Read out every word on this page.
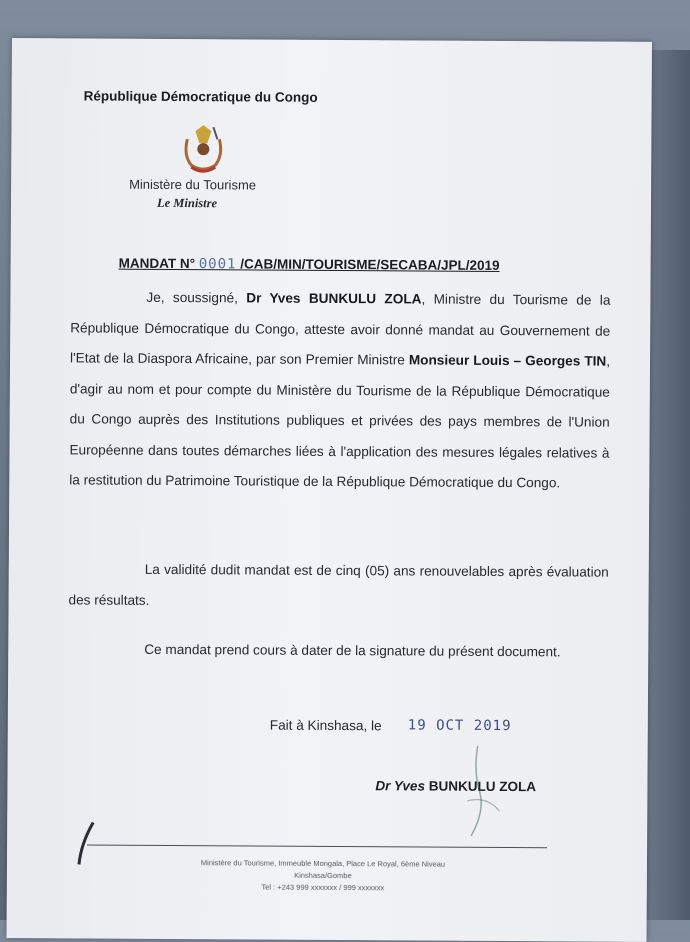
République Démocratique du Congo
Ministère du Tourisme
Le Ministre
MANDAT N° 0001 /CAB/MIN/TOURISME/SECABA/JPL/2019
Je, soussigné, Dr Yves BUNKULU ZOLA, Ministre du Tourisme de la République Démocratique du Congo, atteste avoir donné mandat au Gouvernement de l'Etat de la Diaspora Africaine, par son Premier Ministre Monsieur Louis – Georges TIN, d'agir au nom et pour compte du Ministère du Tourisme de la République Démocratique du Congo auprès des Institutions publiques et privées des pays membres de l'Union Européenne dans toutes démarches liées à l'application des mesures légales relatives à la restitution du Patrimoine Touristique de la République Démocratique du Congo.
La validité dudit mandat est de cinq (05) ans renouvelables après évaluation des résultats.
Ce mandat prend cours à dater de la signature du présent document.
Fait à Kinshasa, le 19 OCT 2019
Dr Yves BUNKULU ZOLA
Ministère du Tourisme, Immeuble Mongala, Place Le Royal, 6ème Niveau
Kinshasa/Gombe
Tel : +243 999 xxxxxxx / 999 xxxxxxx
